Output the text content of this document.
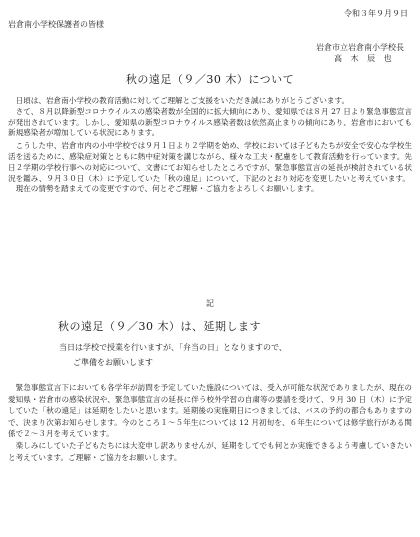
令和３年９月９日
岩倉南小学校保護者の皆様
岩倉市立岩倉南小学校長
高 木 辰 也
秋の遠足（９／30 木）について

日頃は、岩倉南小学校の教育活動に対してご理解とご支援をいただき誠にありがとうございます。

さて、８月以降新型コロナウイルスの感染者数が全国的に拡大傾向にあり、愛知県では８月 27 日より緊急事態宣言が発出されています。しかし、愛知県の新型コロナウイルス感染者数は依然高止まりの傾向にあり、岩倉市においても新規感染者が増加している状況にあります。

こうした中、岩倉市内の小中学校では９月１日より２学期を始め、学校においては子どもたちが安全で安心な学校生活を送るために、感染症対策とともに熱中症対策を講じながら、様々な工夫・配慮をして教育活動を行っています。先日２学期の学校行事への対応について、文書にてお知らせしたところですが、緊急事態宣言の延長が検討されている状況を鑑み、９月３０日（木）に予定していた「秋の遠足」について、下記のとおり対応を変更したいと考えています。

現在の情勢を踏まえての変更ですので、何とぞご理解・ご協力をよろしくお願いします。

記
秋の遠足（９／30 木）は、延期します
当日は学校で授業を行いますが、「弁当の日」となりますので、
ご準備をお願いします

緊急事態宣言下においても各学年が訪問を予定していた施設については、受入が可能な状況でありましたが、現在の愛知県・岩倉市の感染状況や、緊急事態宣言の延長に伴う校外学習の自粛等の要請を受けて、９月 30 日（木）に予定していた「秋の遠足」は延期をしたいと思います。延期後の実施期日につきましては、バスの予約の都合もありますので、決まり次第お知らせします。今のところ１～５年生については 12 月初旬を、６年生については修学旅行がある関係で２～３月を考えています。

楽しみにしていた子どもたちには大変申し訳ありませんが、延期をしてでも何とか実施できるよう考慮していきたいと考えています。ご理解・ご協力をお願いします。
